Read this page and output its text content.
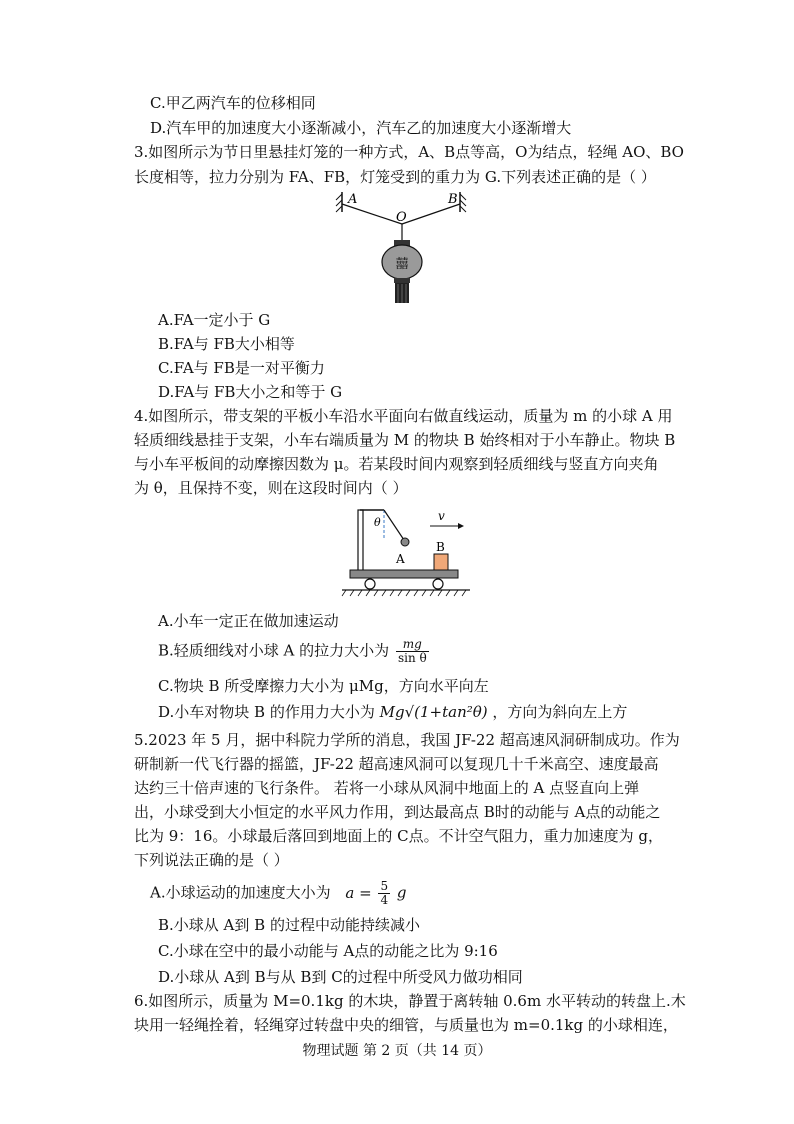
C.甲乙两汽车的位移相同
D.汽车甲的加速度大小逐渐减小，汽车乙的加速度大小逐渐增大
3.如图所示为节日里悬挂灯笼的一种方式，A、B点等高，O为结点，轻绳 AO、BO
长度相等，拉力分别为 FA、FB，灯笼受到的重力为 G.下列表述正确的是（ ）
囍
A	B
O
A.FA一定小于 G
B.FA与 FB大小相等
C.FA与 FB是一对平衡力
D.FA与 FB大小之和等于 G
4.如图所示，带支架的平板小车沿水平面向右做直线运动，质量为 m 的小球 A 用
轻质细线悬挂于支架，小车右端质量为 M 的物块 B 始终相对于小车静止。物块 B
与小车平板间的动摩擦因数为 μ。若某段时间内观察到轻质细线与竖直方向夹角
为 θ，且保持不变，则在这段时间内（ ）
θ
A
B
v
A.小车一定正在做加速运动
B.轻质细线对小球 A 的拉力大小为 $\frac{mg}{\text{sin θ}}$
C.物块 B 所受摩擦力大小为 μMg，方向水平向左
D.小车对物块 B 的作用力大小为 Mg√(1+tan²θ) ，方向为斜向左上方
5.2023 年 5 月，据中科院力学所的消息，我国 JF-22 超高速风洞研制成功。作为
研制新一代飞行器的摇篮，JF-22 超高速风洞可以复现几十千米高空、速度最高
达约三十倍声速的飞行条件。 若将一小球从风洞中地面上的 A 点竖直向上弹
出，小球受到大小恒定的水平风力作用，到达最高点 B时的动能与 A点的动能之
比为 9：16。小球最后落回到地面上的 C点。不计空气阻力，重力加速度为 g，
下列说法正确的是（ ）
A.小球运动的加速度大小为 $a = \frac{5}{4}$ g
B.小球从 A到 B 的过程中动能持续减小
C.小球在空中的最小动能与 A点的动能之比为 9:16
D.小球从 A到 B与从 B到 C的过程中所受风力做功相同
6.如图所示，质量为 M=0.1kg 的木块，静置于离转轴 0.6m 水平转动的转盘上.木
块用一轻绳拴着，轻绳穿过转盘中央的细管，与质量也为 m=0.1kg 的小球相连，
物理试题 第 2 页（共 14 页）
